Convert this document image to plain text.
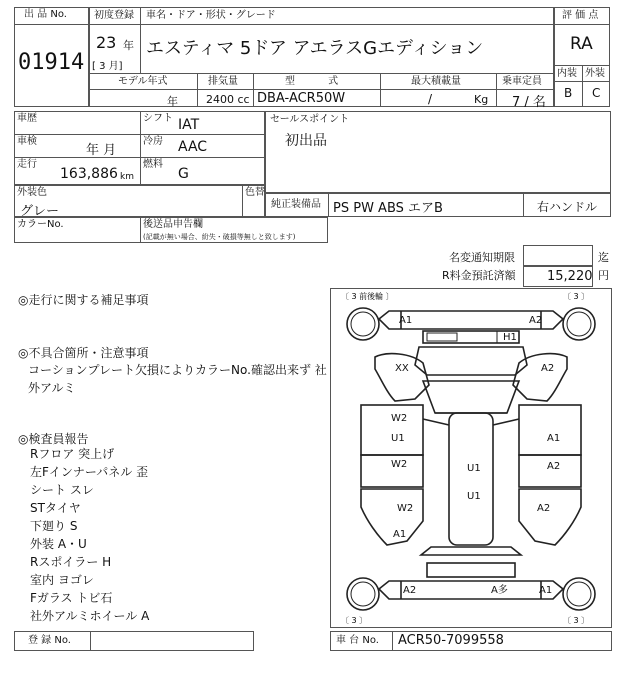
出 品 No.
01914
初度登録
23 年
[ 3 月]
車名・ドア・形状・グレード
エスティマ 5ドア アエラスGエディション
モデル年式
年
排気量
2400 cc
型 式
DBA-ACR50W
最大積載量
/	Kg
乗車定員
7 / 名
評 価 点
RA
内装 外装
B C
車歴
車検
年 月
走行
163,886 km
シフト IAT
冷房 AAC
燃料
G
セールスポイント
初出品
外装色
グレー
色替
純正装備品 PS PW ABS エアB	右ハンドル
カラーNo.	後送品申告欄
(記載が無い場合、紛失・破損等無しと致します)
名変通知期限	迄
R料金預託済額 15,220 円
◎走行に関する補足事項
◎不具合箇所・注意事項
コーションプレート欠損によりカラーNo.確認出来ず 社
外アルミ
◎検査員報告
Rフロア 突上げ
左Fインナーパネル 歪
シート スレ
STタイヤ
下廻り S
外装 A・U
Rスポイラー H
室内 ヨゴレ
Fガラス トビ石
社外アルミホイール A
〔 3 前後輪 〕	〔 3 〕
〔 3 〕	〔 3 〕
A1	A2
H1
XX	A2
W2
U1
W2	U1
U1
A1
A2
W2
A1
A2
A2	A多	A1
登 録 No.	車 台 No. ACR50-7099558
